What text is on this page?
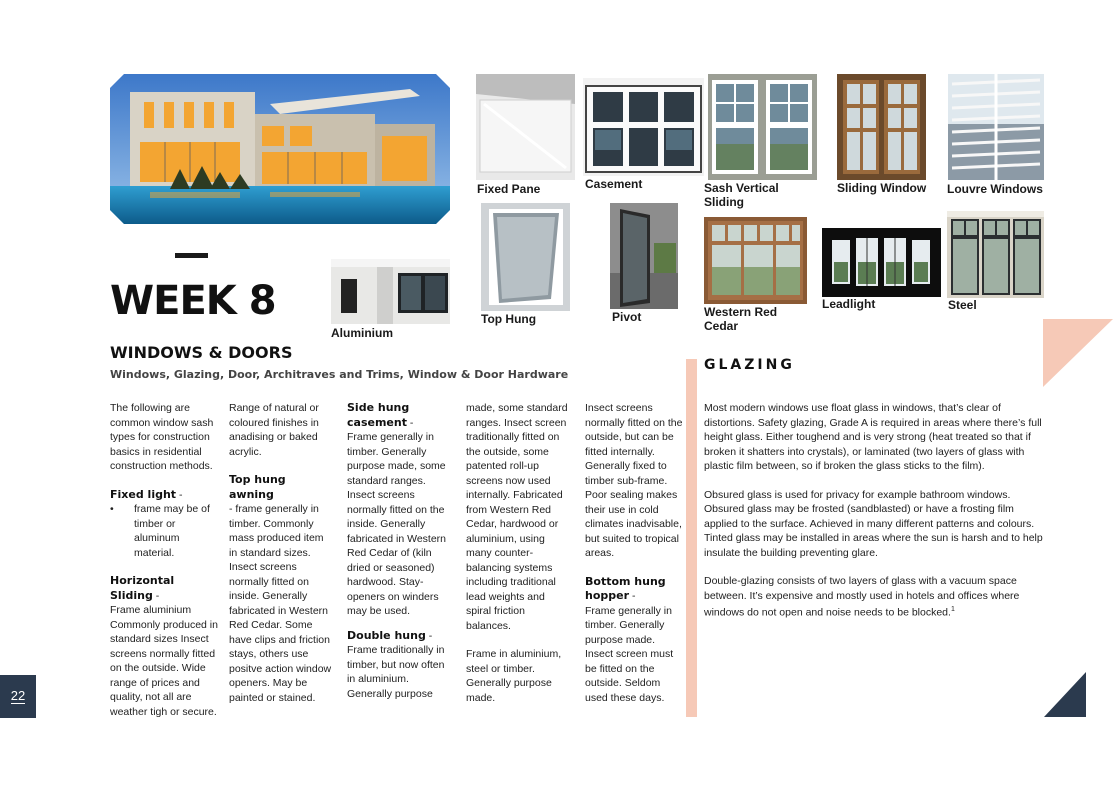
Fixed Pane	Casement	Sash Vertical Sliding
Sliding Window Louvre Windows
Aluminium
Top Hung	Pivot	Western Red Cedar
Leadlight	Steel
WEEK 8
WINDOWS & DOORS
Windows, Glazing, Door, Architraves and Trims, Window & Door Hardware

The following are common window sash types for construction basics in residential construction methods.

Fixed light -

•	frame may be of timber or aluminum material.

Horizontal Sliding -

Frame aluminium Commonly produced in standard sizes Insect screens normally fitted on the outside. Wide range of prices and quality, not all are weather tigh or secure.

Range of natural or coloured finishes in anadising or baked acrylic.

Top hung awning

- frame generally in timber. Commonly mass produced item in standard sizes. Insect screens normally fitted on inside. Generally fabricated in Western Red Cedar. Some have clips and friction stays, others use positve action window openers. May be painted or stained.

Side hung casement -

Frame generally in timber. Generally purpose made, some standard ranges. Insect screens normally fitted on the inside. Generally fabricated in Western Red Cedar of (kiln dried or seasoned) hardwood. Stay-openers on winders may be used.

Double hung -

Frame traditionally in timber, but now often in aluminium. Generally purpose

made, some standard ranges. Insect screen traditionally fitted on the outside, some patented roll-up screens now used internally. Fabricated from Western Red Cedar, hardwood or aluminium, using many counter-balancing systems including traditional lead weights and spiral friction balances.

Frame in aluminium, steel or timber. Generally purpose made.

Insect screens normally fitted on the outside, but can be fitted internally. Generally fixed to timber sub-frame. Poor sealing makes their use in cold climates inadvisable, but suited to tropical areas.

Bottom hung hopper -

Frame generally in timber. Generally purpose made. Insect screen must be fitted on the outside. Seldom used these days.

GLAZING

Most modern windows use float glass in windows, that’s clear of distortions. Safety glazing, Grade A is required in areas where there’s full height glass. Either toughend and is very strong (heat treated so that if broken it shatters into crystals), or laminated (two layers of glass with plastic film between, so if broken the glass sticks to the film).

Obsured glass is used for privacy for example bathroom windows. Obsured glass may be frosted (sandblasted) or have a frosting film applied to the surface. Achieved in many different patterns and colours. Tinted glass may be installed in areas where the sun is harsh and to help insulate the building preventing glare.

Double-glazing consists of two layers of glass with a vacuum space between. It’s expensive and mostly used in hotels and offices where windows do not open and noise needs to be blocked.$^1$

22
